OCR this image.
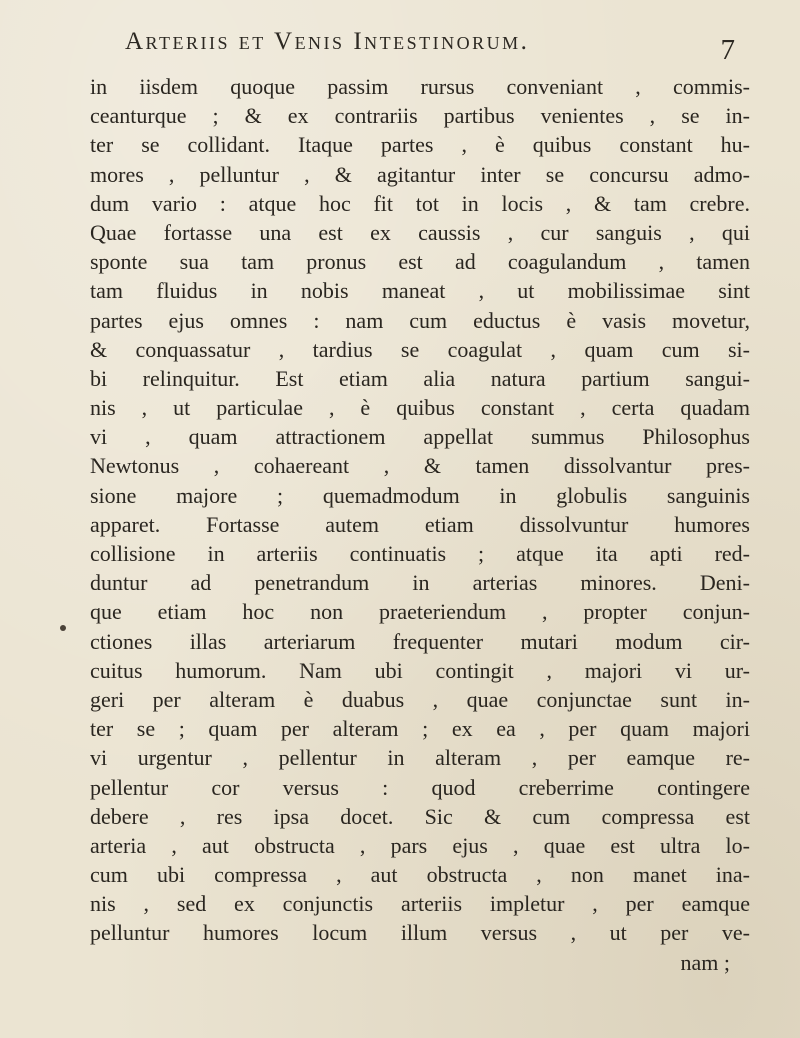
Arteriis et Venis Intestinorum.	7
in iisdem quoque passim rursus conveniant , commis-
ceanturque ; & ex contrariis partibus venientes , se in-
ter se collidant. Itaque partes , è quibus constant hu-
mores , pelluntur , & agitantur inter se concursu admo-
dum vario : atque hoc fit tot in locis , & tam crebre.
Quae fortasse una est ex caussis , cur sanguis , qui
sponte sua tam pronus est ad coagulandum , tamen
tam fluidus in nobis maneat , ut mobilissimae sint
partes ejus omnes : nam cum eductus è vasis movetur,
& conquassatur , tardius se coagulat , quam cum si-
bi relinquitur. Est etiam alia natura partium sangui-
nis , ut particulae , è quibus constant , certa quadam
vi , quam attractionem appellat summus Philosophus
Newtonus , cohaereant , & tamen dissolvantur pres-
sione majore ; quemadmodum in globulis sanguinis
apparet. Fortasse autem etiam dissolvuntur humores
collisione in arteriis continuatis ; atque ita apti red-
duntur ad penetrandum in arterias minores. Deni-
que etiam hoc non praeteriendum , propter conjun-
ctiones illas arteriarum frequenter mutari modum cir-
cuitus humorum. Nam ubi contingit , majori vi ur-
geri per alteram è duabus , quae conjunctae sunt in-
ter se ; quam per alteram ; ex ea , per quam majori
vi urgentur , pellentur in alteram , per eamque re-
pellentur cor versus : quod creberrime contingere
debere , res ipsa docet. Sic & cum compressa est
arteria , aut obstructa , pars ejus , quae est ultra lo-
cum ubi compressa , aut obstructa , non manet ina-
nis , sed ex conjunctis arteriis impletur , per eamque
pelluntur humores locum illum versus , ut per ve-
nam ;
